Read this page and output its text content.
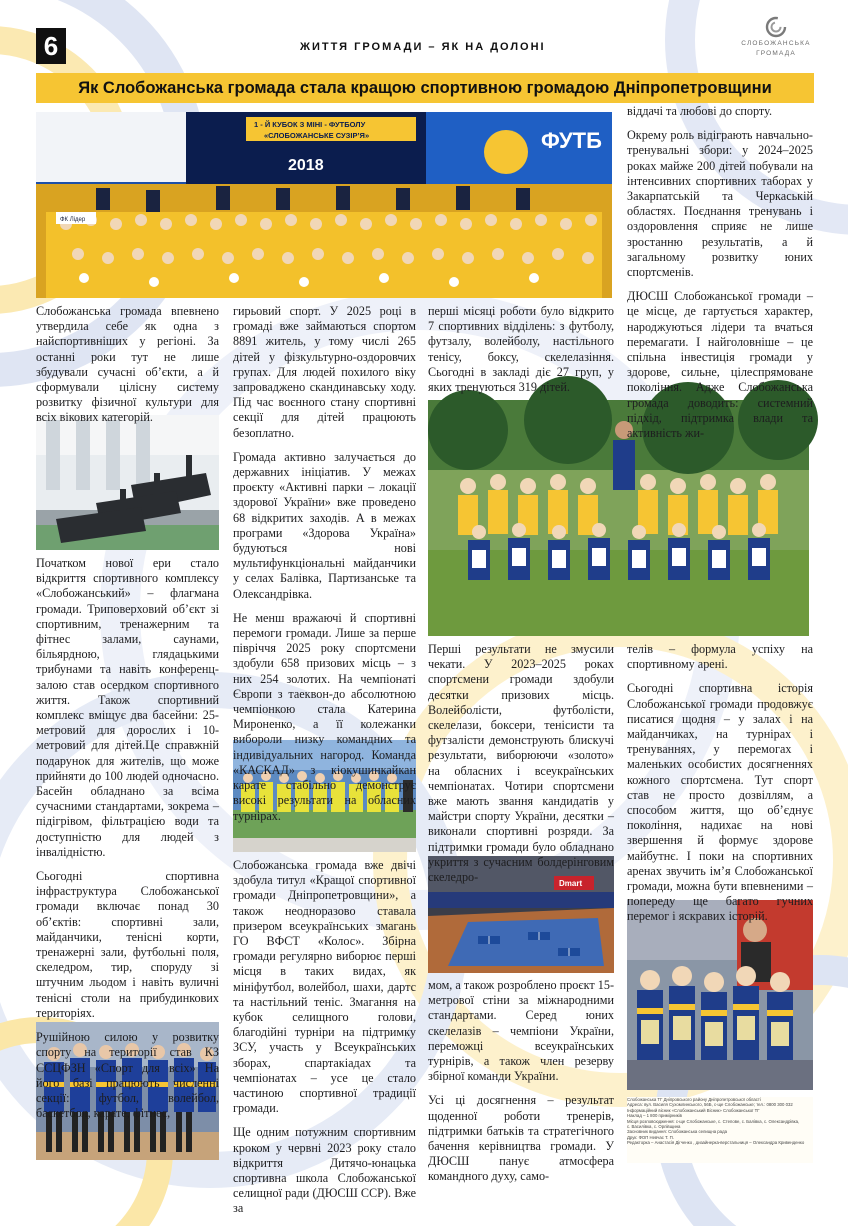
6	ЖИТТЯ ГРОМАДИ – ЯК НА ДОЛОНІ	СЛОБОЖАНСЬКА
ГРОМАДА
Як Слобожанська громада стала кращою спортивною громадою Дніпропетровщини
1 - Й КУБОК З МІНІ - ФУТБОЛУ
«СЛОБОЖАНСЬКЕ СУЗІР’Я»
2018
ФУТБ
ФК Лідер
Dmart

Слобожанська громада впевнено утвердила себе як одна з найспортивніших у регіоні. За останні роки тут не лише збудували сучасні об’єкти, а й сформували цілісну систему розвитку фізичної культури для всіх вікових категорій.

Початком нової ери стало відкриття спортивного комплексу «Слобожанський» – флагмана громади. Триповерховий об’єкт зі спортивним, тренажерним та фітнес залами, саунами, більярдною, глядацькими трибунами та навіть конференц-залою став осердком спортивного життя. Також спортивний комплекс вміщує два басейни: 25-метровий для дорослих і 10-метровий для дітей.Це справжній подарунок для жителів, що може прийняти до 100 людей одночасно. Басейн обладнано за всіма сучасними стандартами, зокрема – підігрівом, фільтрацією води та доступністю для людей з інвалідністю.

Сьогодні спортивна інфраструктура Слобожанської громади включає понад 30 об’єктів: спортивні зали, майданчики, тенісні корти, тренажерні зали, футбольні поля, скеледром, тир, споруду зі штучним льодом і навіть вуличні тенісні столи на прибудинкових територіях.

Рушійною силою у розвитку спорту на території став КЗ ССЦФЗН «Спорт для всіх» На його базі працюють численні секції: футбол, волейбол, баскетбол, карате, фітнес,

гирьовий спорт. У 2025 році в громаді вже займаються спортом 8891 житель, у тому числі 265 дітей у фізкультурно-оздоровчих групах. Для людей похилого віку запроваджено скандинавську ходу. Під час воєнного стану спортивні секції для дітей працюють безоплатно.

Громада активно залучається до державних ініціатив. У межах проєкту «Активні парки – локації здорової України» вже проведено 68 відкритих заходів. А в межах програми «Здорова Україна» будуються нові мультифункціональні майданчики у селах Балівка, Партизанське та Олександрівка.

Не менш вражаючі й спортивні перемоги громади. Лише за перше півріччя 2025 року спортсмени здобули 658 призових місць – з них 254 золотих. На чемпіонаті Європи з таеквон-до абсолютною чемпіонкою стала Катерина Мироненко, а її колежанки вибороли низку командних та індивідуальних нагород. Команда «КАСКАД» з кіокушинкайкан карате стабільно демонструє високі результати на обласних турнірах.

Слобожанська громада вже двічі здобула титул «Кращої спортивної громади Дніпропетровщини», а також неодноразово ставала призером всеукраїнських змагань ГО ВФСТ «Колос». Збірна громади регулярно виборює перші місця в таких видах, як мініфутбол, волейбол, шахи, дартс та настільний теніс. Змагання на кубок селищного голови, благодійні турніри на підтримку ЗСУ, участь у Всеукраїнських зборах, спартакіадах та чемпіонатах – усе це стало частиною спортивної традиції громади.

Ще одним потужним спортивним кроком у червні 2023 року стало відкриття Дитячо-юнацька спортивна школа Слобожанської селищної ради (ДЮСШ ССР). Вже за

перші місяці роботи було відкрито 7 спортивних відділень: з футболу, футзалу, волейболу, настільного тенісу, боксу, скелелазіння. Сьогодні в закладі діє 27 груп, у яких тренуються 319 дітей.

Перші результати не змусили чекати. У 2023–2025 роках спортсмени громади здобули десятки призових місць. Волейболісти, футболісти, скелелази, боксери, тенісисти та футзалісти демонструють блискучі результати, виборюючи «золото» на обласних і всеукраїнських чемпіонатах. Чотири спортсмени вже мають звання кандидатів у майстри спорту України, десятки – виконали спортивні розряди. За підтримки громади було обладнано укриття з сучасним болдерінговим скеледро-

мом, а також розроблено проєкт 15-метрової стіни за міжнародними стандартами. Серед юних скелелазів – чемпіони України, переможці всеукраїнських турнірів, а також член резерву збірної команди України.

Усі ці досягнення – результат щоденної роботи тренерів, підтримки батьків та стратегічного бачення керівництва громади. У ДЮСШ панує атмосфера командного духу, само-

віддачі та любові до спорту.

Окрему роль відіграють навчально-тренувальні збори: у 2024–2025 роках майже 200 дітей побували на інтенсивних спортивних таборах у Закарпатській та Черкаській областях. Поєднання тренувань і оздоровлення сприяє не лише зростанню результатів, а й загальному розвитку юних спортсменів.

ДЮСШ Слобожанської громади – це місце, де гартується характер, народжуються лідери та вчаться перемагати. І найголовніше – це спільна інвестиція громади у здорове, сильне, цілеспрямоване покоління. Адже Слобожанська громада доводить: системний підхід, підтримка влади та активність жи-

телів – формула успіху на спортивному арені.

Сьогодні спортивна історія Слобожанської громади продовжує писатися щодня – у залах і на майданчиках, на турнірах і тренуваннях, у перемогах і маленьких особистих досягненнях кожного спортсмена. Тут спорт став не просто дозвіллям, а способом життя, що об’єднує покоління, надихає на нові звершення й формує здорове майбутнє. І поки на спортивних аренах звучить ім’я Слобожанської громади, можна бути впевненими – попереду ще багато гучних перемог і яскравих історій.

Слобожанська ТГ Дніпровського району Дніпропетровської області
Адреса: вул. Василя Сухомлинського, 56Б, с-ще Слобожанське; тел.: 0800 300 032
Інформаційний вісник «Слобожанський Вісник» Слобожанської ТГ
Наклад – 1 800 примірників
Місця розповсюдження: с-ще Слобожанське, с. Степове, с. Балівка, с. Олександрівка,
с. Василівка, с. Орлівщина
Засновник видання: Слобожанська селищна рада
Друк: ФОП Невчас Т. П.
Редакторка – Анастасія Дігченко , дизайнерка-верстальниця – Олександра Кривенденко
